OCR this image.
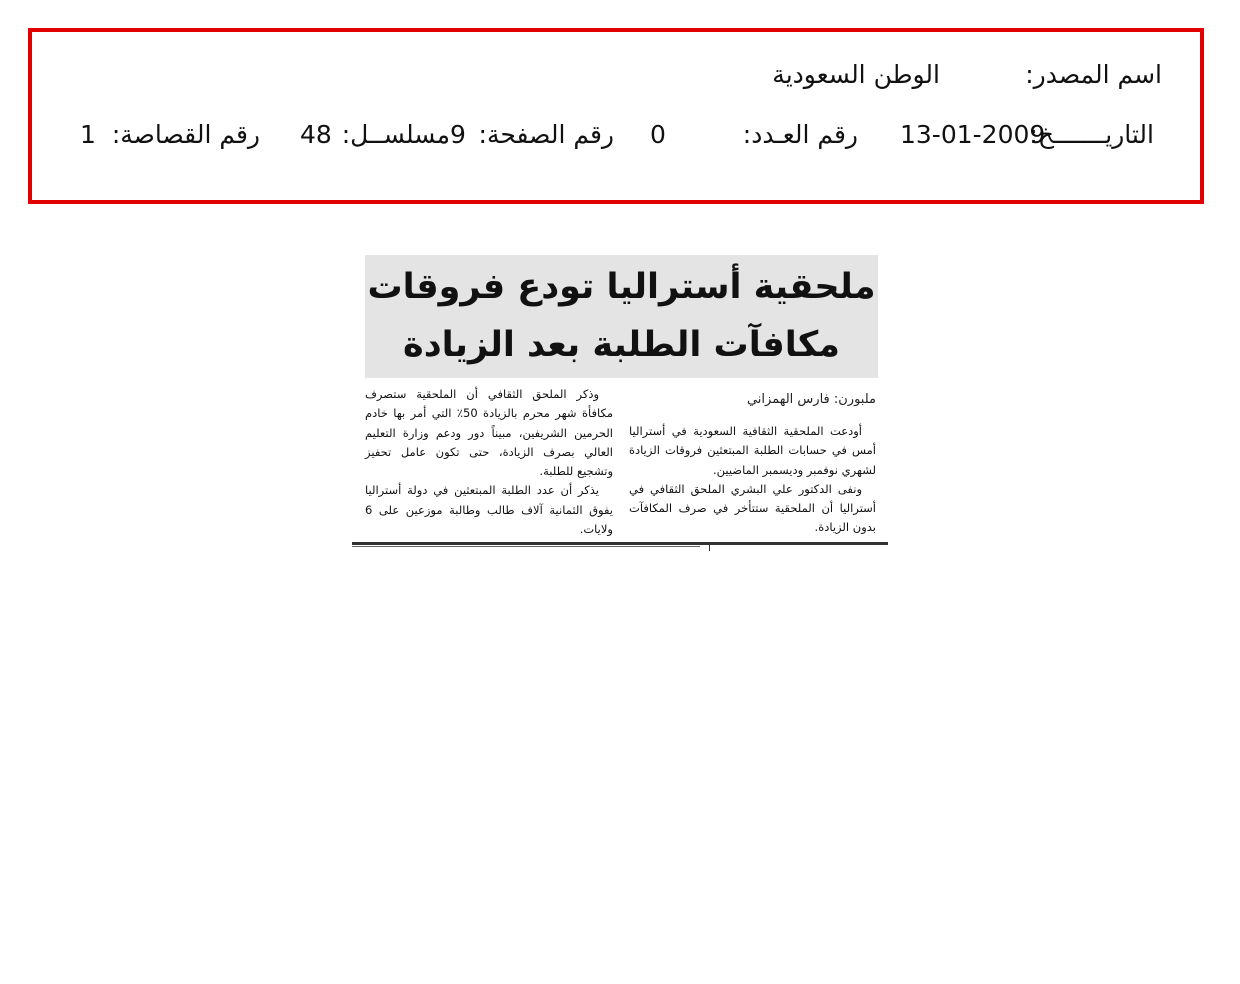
اسم المصدر:
الوطن السعودية
التاريـــــــخ:
13-01-2009
رقم العـدد:
0
رقم الصفحة:
9
مسلســل:
48
رقم القصاصة:
1
ملحقية أستراليا تودع فروقات
مكافآت الطلبة بعد الزيادة
ملبورن: فارس الهمزاني

أودعت الملحقية الثقافية السعودية في أستراليا أمس في حسابات الطلبة المبتعثين فروقات الزيادة لشهري نوفمبر وديسمبر الماضيين.

ونفى الدكتور علي البشري الملحق الثقافي في أستراليا أن الملحقية ستتأخر في صرف المكافآت بدون الزيادة.

وذكر الملحق الثقافي أن الملحقية ستصرف مكافأة شهر محرم بالزيادة 50٪ التي أمر بها خادم الحرمين الشريفين، مبيناً دور ودعم وزارة التعليم العالي بصرف الزيادة، حتى تكون عامل تحفيز وتشجيع للطلبة.

يذكر أن عدد الطلبة المبتعثين في دولة أستراليا يفوق الثمانية آلاف طالب وطالبة موزعين على 6 ولايات.
